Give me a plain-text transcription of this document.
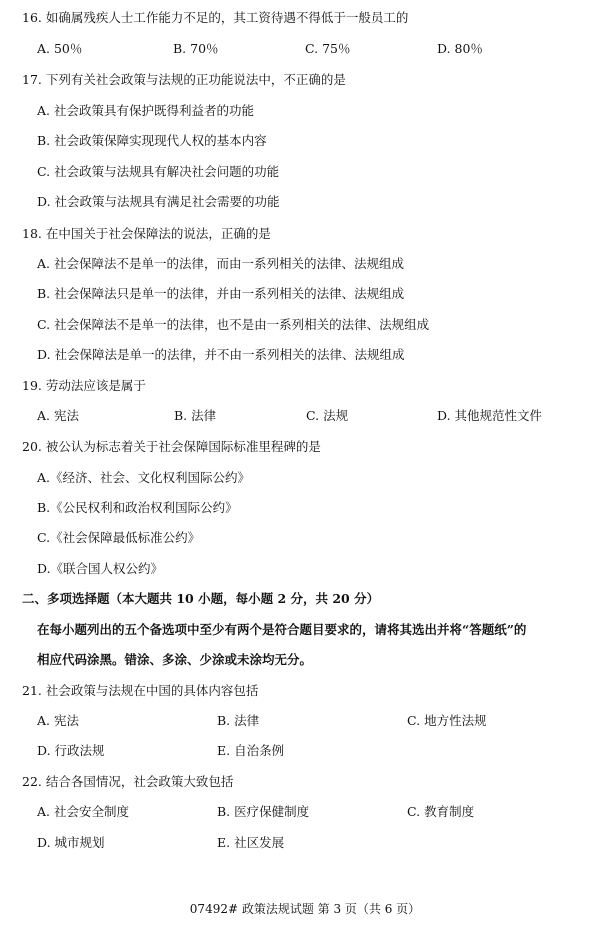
16. 如确属残疾人士工作能力不足的，其工资待遇不得低于一般员工的
A. 50％	B. 70％	C. 75％	D. 80％
17. 下列有关社会政策与法规的正功能说法中，不正确的是
A. 社会政策具有保护既得利益者的功能
B. 社会政策保障实现现代人权的基本内容
C. 社会政策与法规具有解决社会问题的功能
D. 社会政策与法规具有满足社会需要的功能
18. 在中国关于社会保障法的说法，正确的是
A. 社会保障法不是单一的法律，而由一系列相关的法律、法规组成
B. 社会保障法只是单一的法律，并由一系列相关的法律、法规组成
C. 社会保障法不是单一的法律，也不是由一系列相关的法律、法规组成
D. 社会保障法是单一的法律，并不由一系列相关的法律、法规组成
19. 劳动法应该是属于
A. 宪法	B. 法律	C. 法规	D. 其他规范性文件
20. 被公认为标志着关于社会保障国际标准里程碑的是
A.《经济、社会、文化权利国际公约》
B.《公民权利和政治权利国际公约》
C.《社会保障最低标准公约》
D.《联合国人权公约》
二、多项选择题（本大题共 10 小题，每小题 2 分，共 20 分）
在每小题列出的五个备选项中至少有两个是符合题目要求的，请将其选出并将“答题纸”的
相应代码涂黑。错涂、多涂、少涂或未涂均无分。
21. 社会政策与法规在中国的具体内容包括
A. 宪法	B. 法律	C. 地方性法规
D. 行政法规	E. 自治条例
22. 结合各国情况，社会政策大致包括
A. 社会安全制度	B. 医疗保健制度	C. 教育制度
D. 城市规划	E. 社区发展
07492# 政策法规试题 第 3 页（共 6 页）
